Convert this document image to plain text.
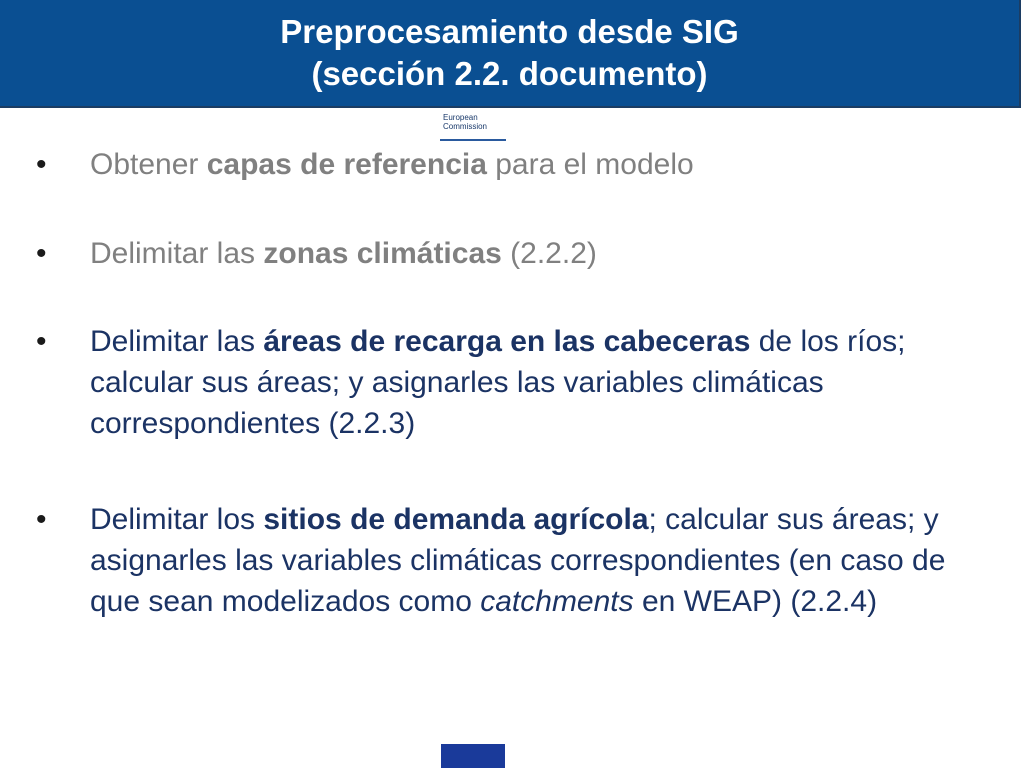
Preprocesamiento desde SIG
(sección 2.2. documento)
European
Commission
• Obtener capas de referencia para el modelo
• Delimitar las zonas climáticas (2.2.2)
• Delimitar las áreas de recarga en las cabeceras de los ríos; calcular sus áreas; y asignarles las variables climáticas correspondientes (2.2.3)
• Delimitar los sitios de demanda agrícola; calcular sus áreas; y asignarles las variables climáticas correspondientes (en caso de que sean modelizados como catchments en WEAP) (2.2.4)
